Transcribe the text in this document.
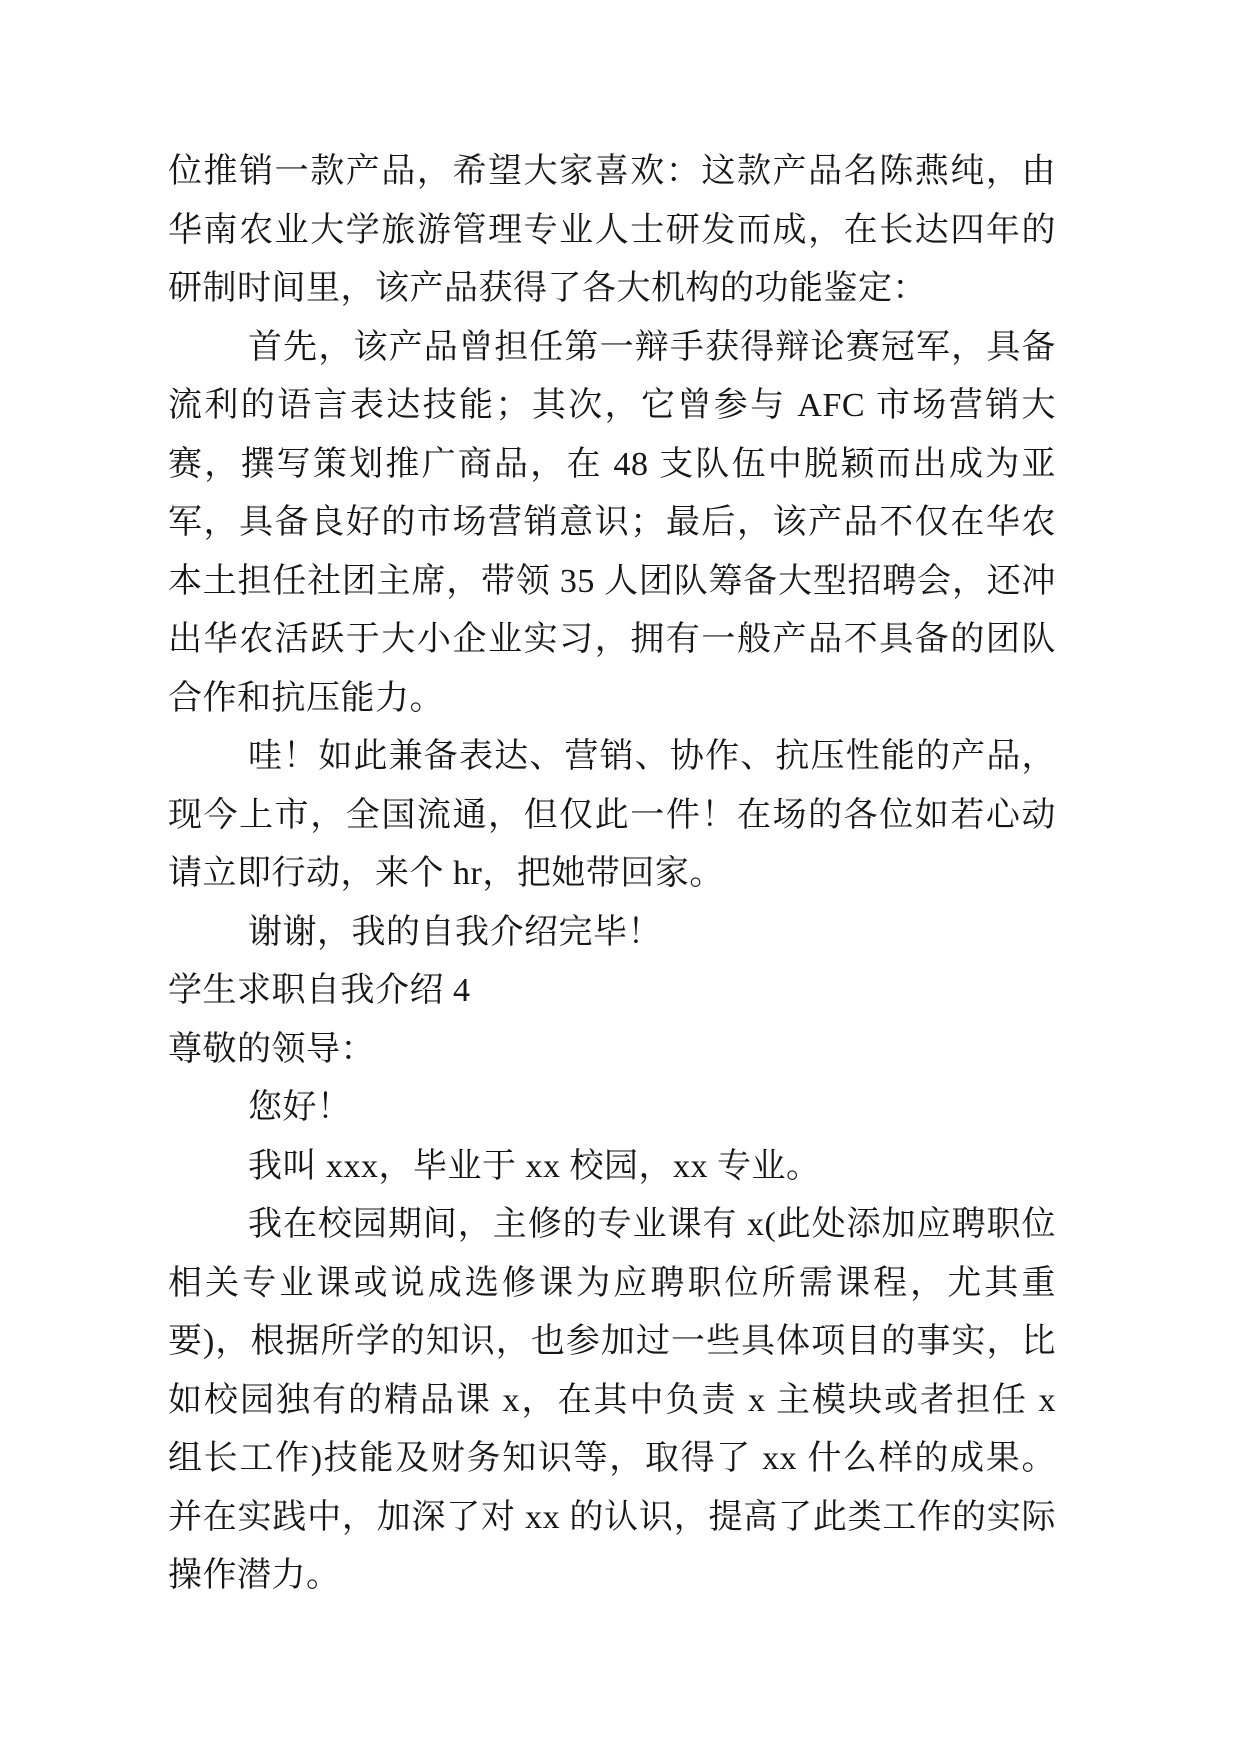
位推销一款产品，希望大家喜欢：这款产品名陈燕纯，由华南农业大学旅游管理专业人士研发而成，在长达四年的研制时间里，该产品获得了各大机构的功能鉴定：

首先，该产品曾担任第一辩手获得辩论赛冠军，具备流利的语言表达技能；其次，它曾参与 AFC 市场营销大赛，撰写策划推广商品，在 48 支队伍中脱颖而出成为亚军，具备良好的市场营销意识；最后，该产品不仅在华农本土担任社团主席，带领 35 人团队筹备大型招聘会，还冲出华农活跃于大小企业实习，拥有一般产品不具备的团队合作和抗压能力。

哇！如此兼备表达、营销、协作、抗压性能的产品，现今上市，全国流通，但仅此一件！在场的各位如若心动请立即行动，来个 hr，把她带回家。

谢谢，我的自我介绍完毕！

学生求职自我介绍 4

尊敬的领导：

您好！

我叫 xxx，毕业于 xx 校园，xx 专业。

我在校园期间，主修的专业课有 x(此处添加应聘职位相关专业课或说成选修课为应聘职位所需课程，尤其重要)，根据所学的知识，也参加过一些具体项目的事实，比如校园独有的精品课 x，在其中负责 x 主模块或者担任 x 组长工作)技能及财务知识等，取得了 xx 什么样的成果。并在实践中，加深了对 xx 的认识，提高了此类工作的实际操作潜力。
